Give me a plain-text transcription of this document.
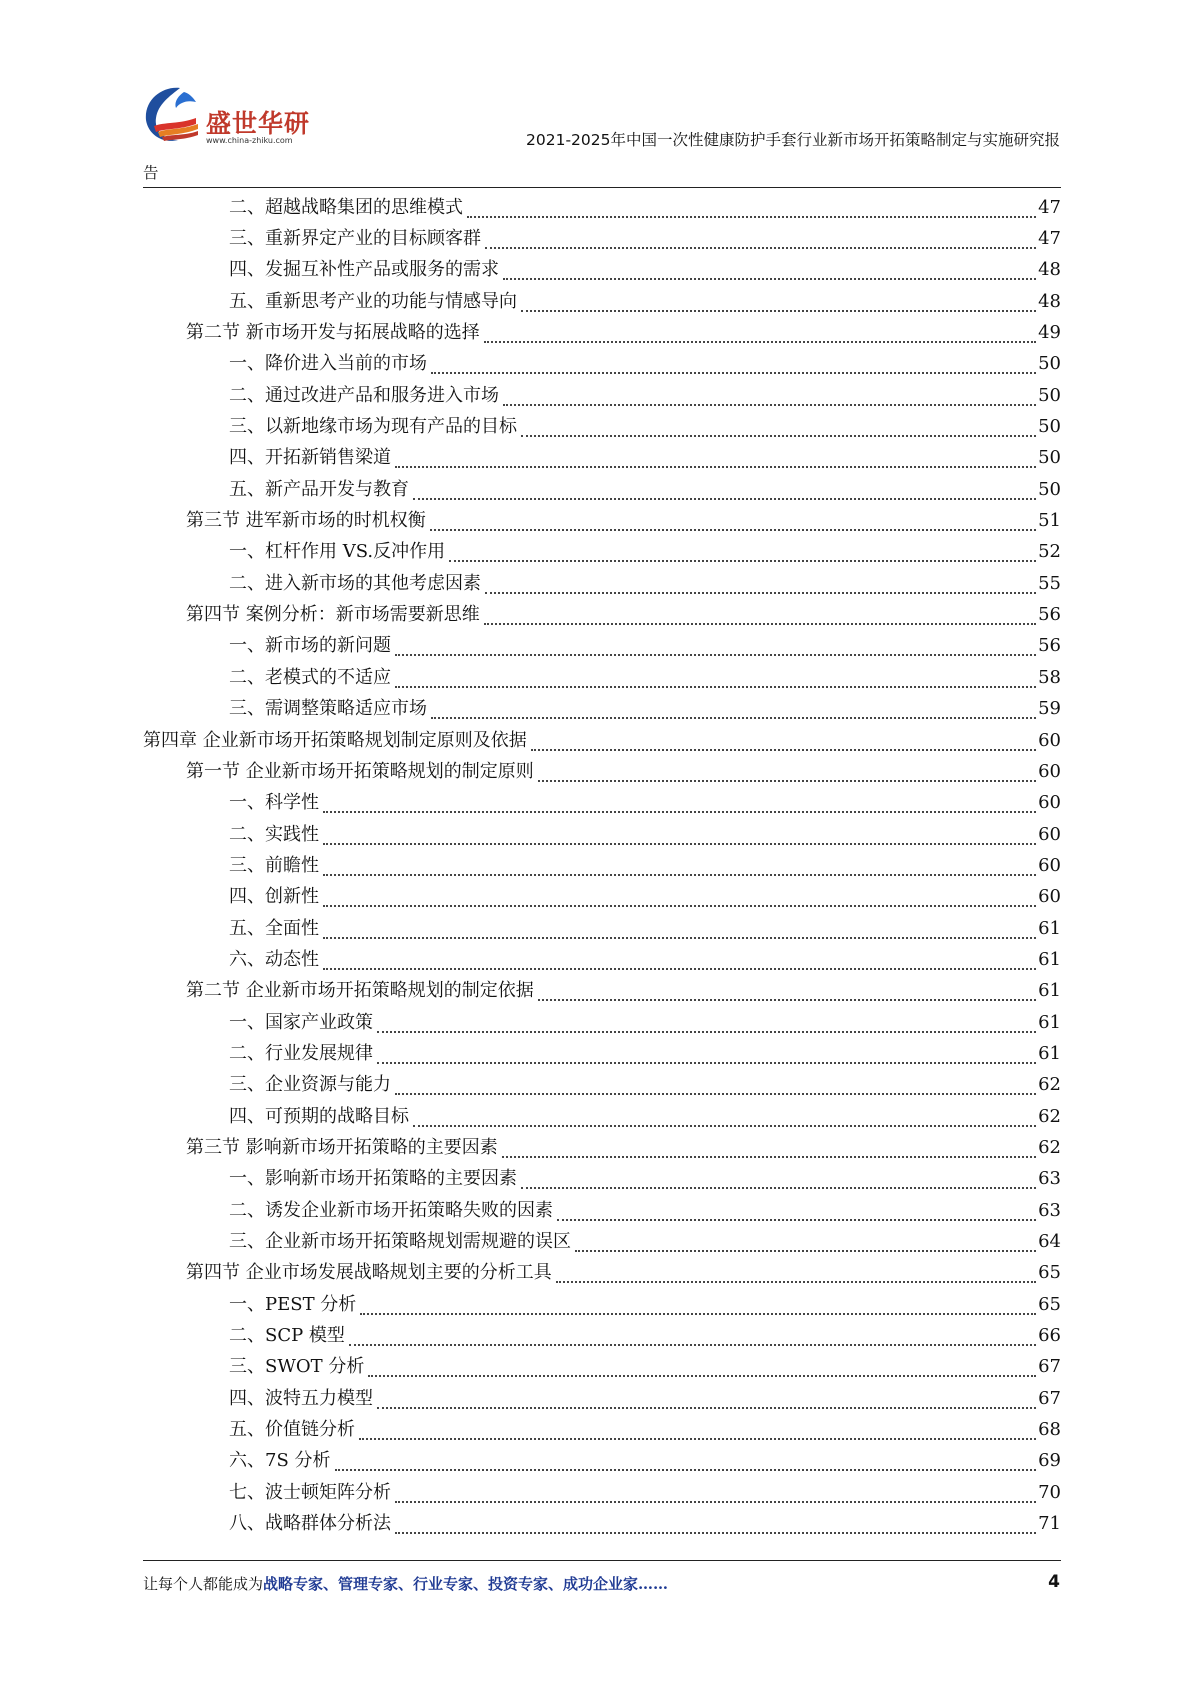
盛世华研
www.china-zhiku.com	2021-2025年中国一次性健康防护手套行业新市场开拓策略制定与实施研究报
告
二、超越战略集团的思维模式	47
三、重新界定产业的目标顾客群	47
四、发掘互补性产品或服务的需求	48
五、重新思考产业的功能与情感导向	48
第二节 新市场开发与拓展战略的选择	49
一、降价进入当前的市场	50
二、通过改进产品和服务进入市场	50
三、以新地缘市场为现有产品的目标	50
四、开拓新销售梁道	50
五、新产品开发与教育	50
第三节 进军新市场的时机权衡	51
一、杠杆作用 VS.反冲作用	52
二、进入新市场的其他考虑因素	55
第四节 案例分析：新市场需要新思维	56
一、新市场的新问题	56
二、老模式的不适应	58
三、需调整策略适应市场	59
第四章 企业新市场开拓策略规划制定原则及依据	60
第一节 企业新市场开拓策略规划的制定原则	60
一、科学性	60
二、实践性	60
三、前瞻性	60
四、创新性	60
五、全面性	61
六、动态性	61
第二节 企业新市场开拓策略规划的制定依据	61
一、国家产业政策	61
二、行业发展规律	61
三、企业资源与能力	62
四、可预期的战略目标	62
第三节 影响新市场开拓策略的主要因素	62
一、影响新市场开拓策略的主要因素	63
二、诱发企业新市场开拓策略失败的因素	63
三、企业新市场开拓策略规划需规避的误区	64
第四节 企业市场发展战略规划主要的分析工具	65
一、PEST 分析	65
二、SCP 模型	66
三、SWOT 分析	67
四、波特五力模型	67
五、价值链分析	68
六、7S 分析	69
七、波士顿矩阵分析	70
八、战略群体分析法	71
让每个人都能成为战略专家、管理专家、行业专家、投资专家、成功企业家……	4
